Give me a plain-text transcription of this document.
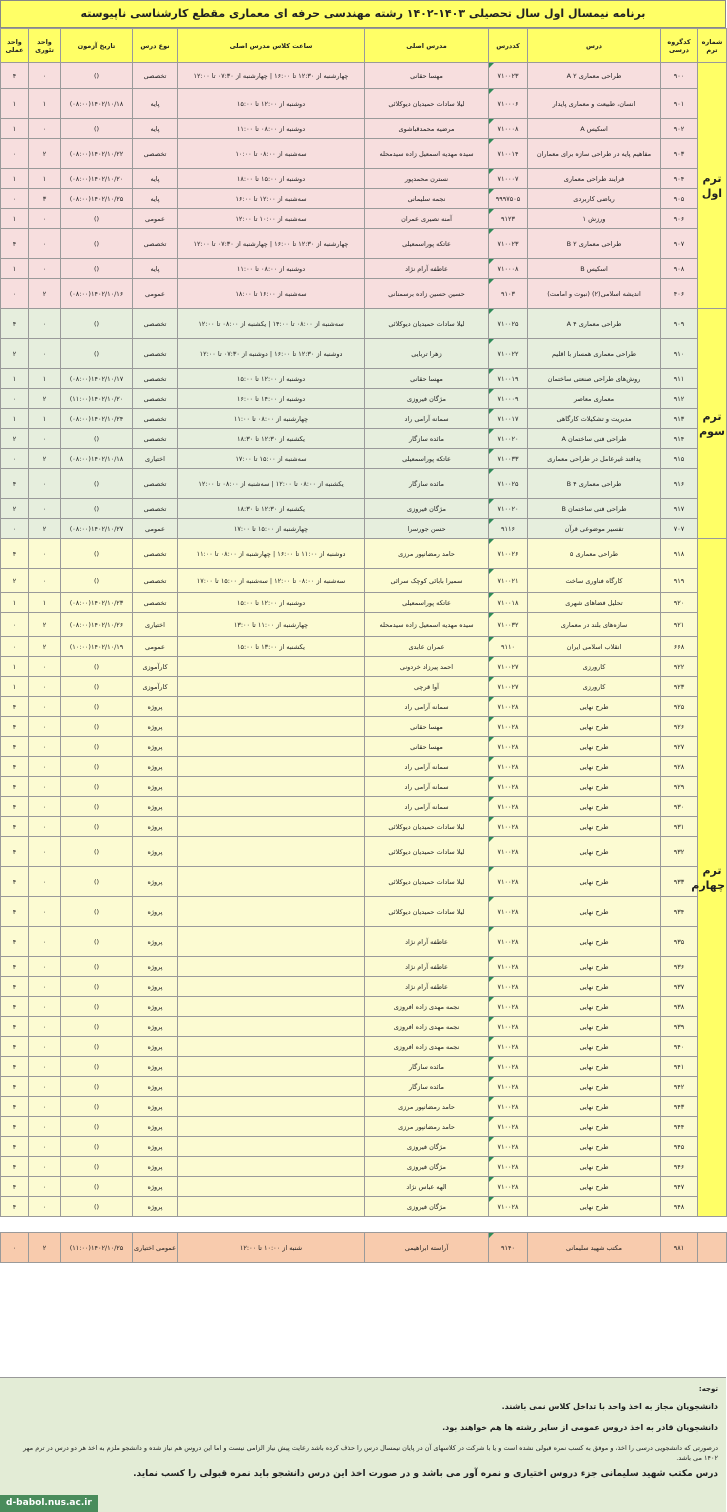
برنامه نیمسال اول سال تحصیلی ۱۴۰۳-۱۴۰۲ رشته مهندسی حرفه ای معماری مقطع کارشناسی ناپیوسته
شماره ترم	کدگروه درسی	درس	کددرس	مدرس اصلی	ساعت کلاس مدرس اصلی	نوع درس	تاریخ آزمون	واحد تئوری	واحد عملی
ترم اول	۹۰۰	طراحی معماری ۲ A	۷۱۰۰۲۳	مهسا حقانی	چهارشنبه از ۱۲:۳۰ تا ۱۶:۰۰ | چهارشنبه از ۰۷:۳۰ تا ۱۲:۰۰	تخصصی	()	۰	۴
	۹۰۱	انسان، طبیعت و معماری پایدار	۷۱۰۰۰۶	لیلا سادات حمیدیان دیوکلائی	دوشنبه از ۱۲:۰۰ تا ۱۵:۰۰	پایه	۱۴۰۲/۱۰/۱۸(۰۸:۰۰)	۱	۱
	۹۰۲	اسکیس A	۷۱۰۰۰۸	مرضیه محمدقباشوی	دوشنبه از ۰۸:۰۰ تا ۱۱:۰۰	پایه	()	۰	۱
	۹۰۳	مفاهیم پایه در طراحی سازه برای معماران	۷۱۰۰۱۴	سیده مهدیه اسمعیل زاده سیدمحله	سه‌شنبه از ۰۸:۰۰ تا ۱۰:۰۰	تخصصی	۱۴۰۲/۱۰/۲۲(۰۸:۰۰)	۲	۰
	۹۰۴	فرایند طراحی معماری	۷۱۰۰۰۷	نسترن محمدپور	دوشنبه از ۱۵:۰۰ تا ۱۸:۰۰	پایه	۱۴۰۲/۱۰/۲۰(۰۸:۰۰)	۱	۱
	۹۰۵	ریاضی کاربردی	۹۹۹۷۵۰۵	نجمه سلیمانی	سه‌شنبه از ۱۲:۰۰ تا ۱۶:۰۰	پایه	۱۴۰۲/۱۰/۲۵(۰۸:۰۰)	۳	۰
	۹۰۶	ورزش ۱	۹۱۲۳	آمنه نصیری عمران	سه‌شنبه از ۱۰:۰۰ تا ۱۲:۰۰	عمومی	()	۰	۱
	۹۰۷	طراحی معماری ۲ B	۷۱۰۰۲۳	عاتکه پوراسمعیلی	چهارشنبه از ۱۲:۳۰ تا ۱۶:۰۰ | چهارشنبه از ۰۷:۳۰ تا ۱۲:۰۰	تخصصی	()	۰	۴
	۹۰۸	اسکیس B	۷۱۰۰۰۸	عاطفه آرام نژاد	دوشنبه از ۰۸:۰۰ تا ۱۱:۰۰	پایه	()	۰	۱
	۴۰۶	اندیشه اسلامی(۲) (نبوت و امامت)	۹۱۰۳	حسین حسین زاده برسمنانی	سه‌شنبه از ۱۶:۰۰ تا ۱۸:۰۰	عمومی	۱۴۰۲/۱۰/۱۶(۰۸:۰۰)	۲	۰
ترم سوم	۹۰۹	طراحی معماری ۴ A	۷۱۰۰۲۵	لیلا سادات حمیدیان دیوکلائی	سه‌شنبه از ۰۸:۰۰ تا ۱۴:۰۰ | یکشنبه از ۰۸:۰۰ تا ۱۲:۰۰	تخصصی	()	۰	۴
	۹۱۰	طراحی معماری همساز با اقلیم	۷۱۰۰۲۲	زهرا تربایی	دوشنبه از ۱۲:۳۰ تا ۱۶:۰۰ | دوشنبه از ۰۷:۳۰ تا ۱۲:۰۰	تخصصی	()	۰	۲
	۹۱۱	روش‌های طراحی صنعتی ساختمان	۷۱۰۰۱۹	مهسا حقانی	دوشنبه از ۱۲:۰۰ تا ۱۵:۰۰	تخصصی	۱۴۰۲/۱۰/۱۷(۰۸:۰۰)	۱	۱
	۹۱۲	معماری معاصر	۷۱۰۰۰۹	مژگان فیروزی	دوشنبه از ۱۴:۰۰ تا ۱۶:۰۰	تخصصی	۱۴۰۲/۱۰/۲۰(۱۱:۰۰)	۲	۰
	۹۱۳	مدیریت و تشکیلات کارگاهی	۷۱۰۰۱۷	سمانه آرامی راد	چهارشنبه از ۰۸:۰۰ تا ۱۱:۰۰	تخصصی	۱۴۰۲/۱۰/۲۴(۰۸:۰۰)	۱	۱
	۹۱۴	طراحی فنی ساختمان A	۷۱۰۰۲۰	مائده سازگار	یکشنبه از ۱۲:۳۰ تا ۱۸:۳۰	تخصصی	()	۰	۲
	۹۱۵	پدافند غیرعامل در طراحی معماری	۷۱۰۰۳۳	عاتکه پوراسمعیلی	سه‌شنبه از ۱۵:۰۰ تا ۱۷:۰۰	اختیاری	۱۴۰۲/۱۰/۱۸(۰۸:۰۰)	۲	۰
	۹۱۶	طراحی معماری ۴ B	۷۱۰۰۲۵	مائده سازگار	یکشنبه از ۰۸:۰۰ تا ۱۲:۰۰ | سه‌شنبه از ۰۸:۰۰ تا ۱۲:۰۰	تخصصی	()	۰	۴
	۹۱۷	طراحی فنی ساختمان B	۷۱۰۰۲۰	مژگان فیروزی	یکشنبه از ۱۲:۳۰ تا ۱۸:۳۰	تخصصی	()	۰	۲
	۷۰۷	تفسیر موضوعی قرآن	۹۱۱۶	حسن جورسرا	چهارشنبه از ۱۵:۰۰ تا ۱۷:۰۰	عمومی	۱۴۰۲/۱۰/۲۷(۰۸:۰۰)	۲	۰
ترم چهارم	۹۱۸	طراحی معماری ۵	۷۱۰۰۲۶	حامد رمضانپور مرزی	دوشنبه از ۱۱:۰۰ تا ۱۶:۰۰ | چهارشنبه از ۰۸:۰۰ تا ۱۱:۰۰	تخصصی	()	۰	۴
	۹۱۹	کارگاه فناوری ساخت	۷۱۰۰۲۱	سمیرا بابائی کوچک سرائی	سه‌شنبه از ۰۸:۰۰ تا ۱۲:۰۰ | سه‌شنبه از ۱۵:۰۰ تا ۱۷:۰۰	تخصصی	()	۰	۲
	۹۲۰	تحلیل فضاهای شهری	۷۱۰۰۱۸	عاتکه پوراسمعیلی	دوشنبه از ۱۲:۰۰ تا ۱۵:۰۰	تخصصی	۱۴۰۲/۱۰/۲۳(۰۸:۰۰)	۱	۱
	۹۲۱	سازه‌های بلند در معماری	۷۱۰۰۳۲	سیده مهدیه اسمعیل زاده سیدمحله	چهارشنبه از ۱۱:۰۰ تا ۱۳:۰۰	اختیاری	۱۴۰۲/۱۰/۲۶(۰۸:۰۰)	۲	۰
	۶۶۸	انقلاب اسلامی ایران	۹۱۱۰	عمران عابدی	یکشنبه از ۱۳:۰۰ تا ۱۵:۰۰	عمومی	۱۴۰۲/۱۰/۱۹(۱۰:۰۰)	۲	۰
	۹۲۲	کارورزی	۷۱۰۰۲۷	احمد پیرزاد خردونی		کارآموزی	()	۰	۱
	۹۲۳	کارورزی	۷۱۰۰۲۷	آوا قرچی		کارآموزی	()	۰	۱
	۹۲۵	طرح نهایی	۷۱۰۰۲۸	سمانه آرامی راد		پروژه	()	۰	۴
	۹۲۶	طرح نهایی	۷۱۰۰۲۸	مهسا حقانی		پروژه	()	۰	۴
	۹۲۷	طرح نهایی	۷۱۰۰۲۸	مهسا حقانی		پروژه	()	۰	۴
	۹۲۸	طرح نهایی	۷۱۰۰۲۸	سمانه آرامی راد		پروژه	()	۰	۴
	۹۲۹	طرح نهایی	۷۱۰۰۲۸	سمانه آرامی راد		پروژه	()	۰	۴
	۹۳۰	طرح نهایی	۷۱۰۰۲۸	سمانه آرامی راد		پروژه	()	۰	۴
	۹۳۱	طرح نهایی	۷۱۰۰۲۸	لیلا سادات حمیدیان دیوکلائی		پروژه	()	۰	۴
	۹۳۲	طرح نهایی	۷۱۰۰۲۸	لیلا سادات حمیدیان دیوکلائی		پروژه	()	۰	۴
	۹۳۳	طرح نهایی	۷۱۰۰۲۸	لیلا سادات حمیدیان دیوکلائی		پروژه	()	۰	۴
	۹۳۴	طرح نهایی	۷۱۰۰۲۸	لیلا سادات حمیدیان دیوکلائی		پروژه	()	۰	۴
	۹۳۵	طرح نهایی	۷۱۰۰۲۸	عاطفه آرام نژاد		پروژه	()	۰	۴
	۹۳۶	طرح نهایی	۷۱۰۰۲۸	عاطفه آرام نژاد		پروژه	()	۰	۴
	۹۳۷	طرح نهایی	۷۱۰۰۲۸	عاطفه آرام نژاد		پروژه	()	۰	۴
	۹۳۸	طرح نهایی	۷۱۰۰۲۸	نجمه مهدی زاده افروزی		پروژه	()	۰	۴
	۹۳۹	طرح نهایی	۷۱۰۰۲۸	نجمه مهدی زاده افروزی		پروژه	()	۰	۴
	۹۴۰	طرح نهایی	۷۱۰۰۲۸	نجمه مهدی زاده افروزی		پروژه	()	۰	۴
	۹۴۱	طرح نهایی	۷۱۰۰۲۸	مائده سازگار		پروژه	()	۰	۴
	۹۴۲	طرح نهایی	۷۱۰۰۲۸	مائده سازگار		پروژه	()	۰	۴
	۹۴۳	طرح نهایی	۷۱۰۰۲۸	حامد رمضانپور مرزی		پروژه	()	۰	۴
	۹۴۴	طرح نهایی	۷۱۰۰۲۸	حامد رمضانپور مرزی		پروژه	()	۰	۴
	۹۴۵	طرح نهایی	۷۱۰۰۲۸	مژگان فیروزی		پروژه	()	۰	۴
	۹۴۶	طرح نهایی	۷۱۰۰۲۸	مژگان فیروزی		پروژه	()	۰	۴
	۹۴۷	طرح نهایی	۷۱۰۰۲۸	الهه عباس نژاد		پروژه	()	۰	۴
	۹۴۸	طرح نهایی	۷۱۰۰۲۸	مژگان فیروزی		پروژه	()	۰	۴

	۹۸۱	مکتب شهید سلیمانی	۹۱۴۰	آراسته ابراهیمی	شنبه از ۱۰:۰۰ تا ۱۲:۰۰	عمومی اختیاری	۱۴۰۲/۱۰/۲۵(۱۱:۰۰)	۲	۰
توجه:
دانشجویان مجاز به اخذ واحد با تداخل کلاس نمی باشند.
دانشجویان قادر به اخذ دروس عمومی از سایر رشته ها هم خواهند بود.
درصورتی که دانشجویی درسی را اخذ، و موفق به کسب نمره قبولی نشده است و یا با شرکت در کلاسهای آن در پایان نیمسال درس را حذف کرده باشد رعایت پیش نیاز الزامی نیست و اما این دروس هم نیاز شده و دانشجو ملزم به اخذ هر دو درس در ترم مهر ۱۴۰۲ می باشد.
درس مکتب شهید سلیمانی جزء دروس اختیاری و نمره آور می باشد و در صورت اخذ این درس دانشجو باید نمره قبولی را کسب نماید.
d-babol.nus.ac.ir
